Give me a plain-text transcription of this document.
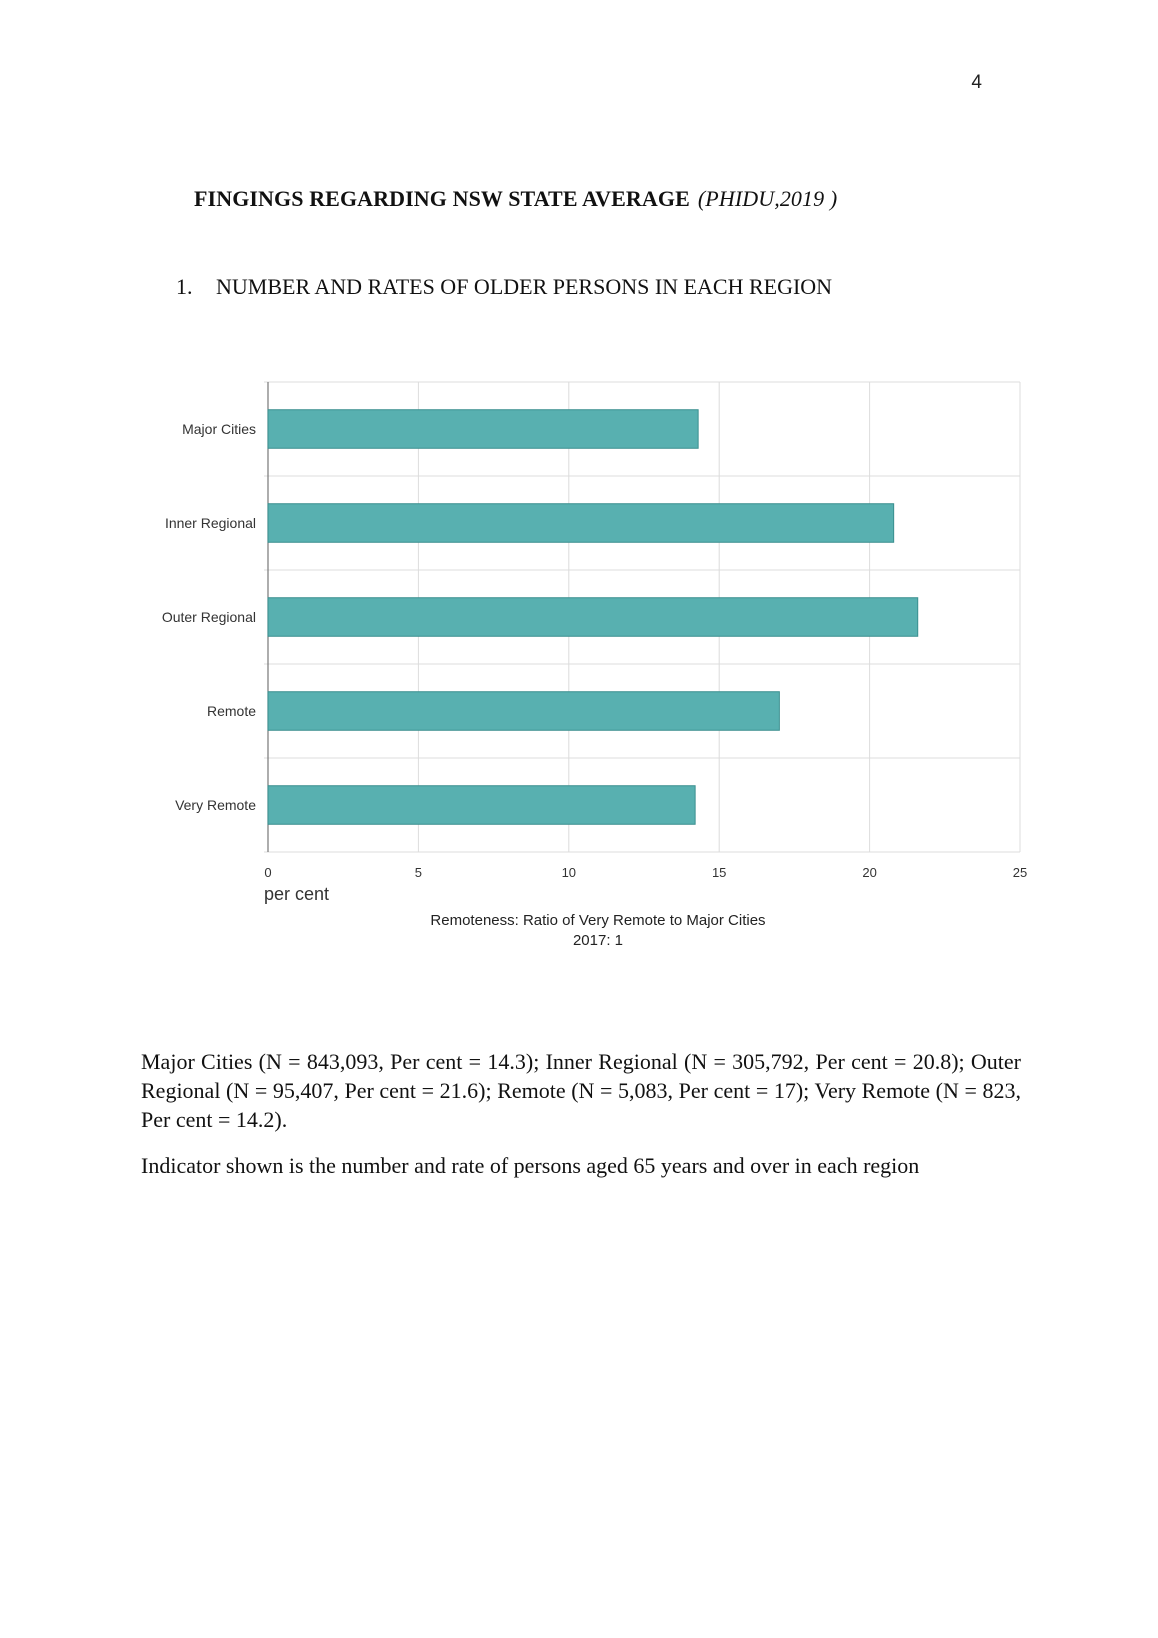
4
FINGINGS REGARDING NSW STATE AVERAGE (PHIDU,2019 )
1. NUMBER AND RATES OF OLDER PERSONS IN EACH REGION
Major Cities
Inner Regional
Outer Regional
Remote
Very Remote
0	5	10	15	20	25
per cent
Remoteness: Ratio of Very Remote to Major Cities
2017: 1
Major Cities (N = 843,093, Per cent = 14.3); Inner Regional (N = 305,792, Per cent = 20.8); Outer Regional (N = 95,407, Per cent = 21.6); Remote (N = 5,083, Per cent = 17); Very Remote (N = 823, Per cent = 14.2).
Indicator shown is the number and rate of persons aged 65 years and over in each region
